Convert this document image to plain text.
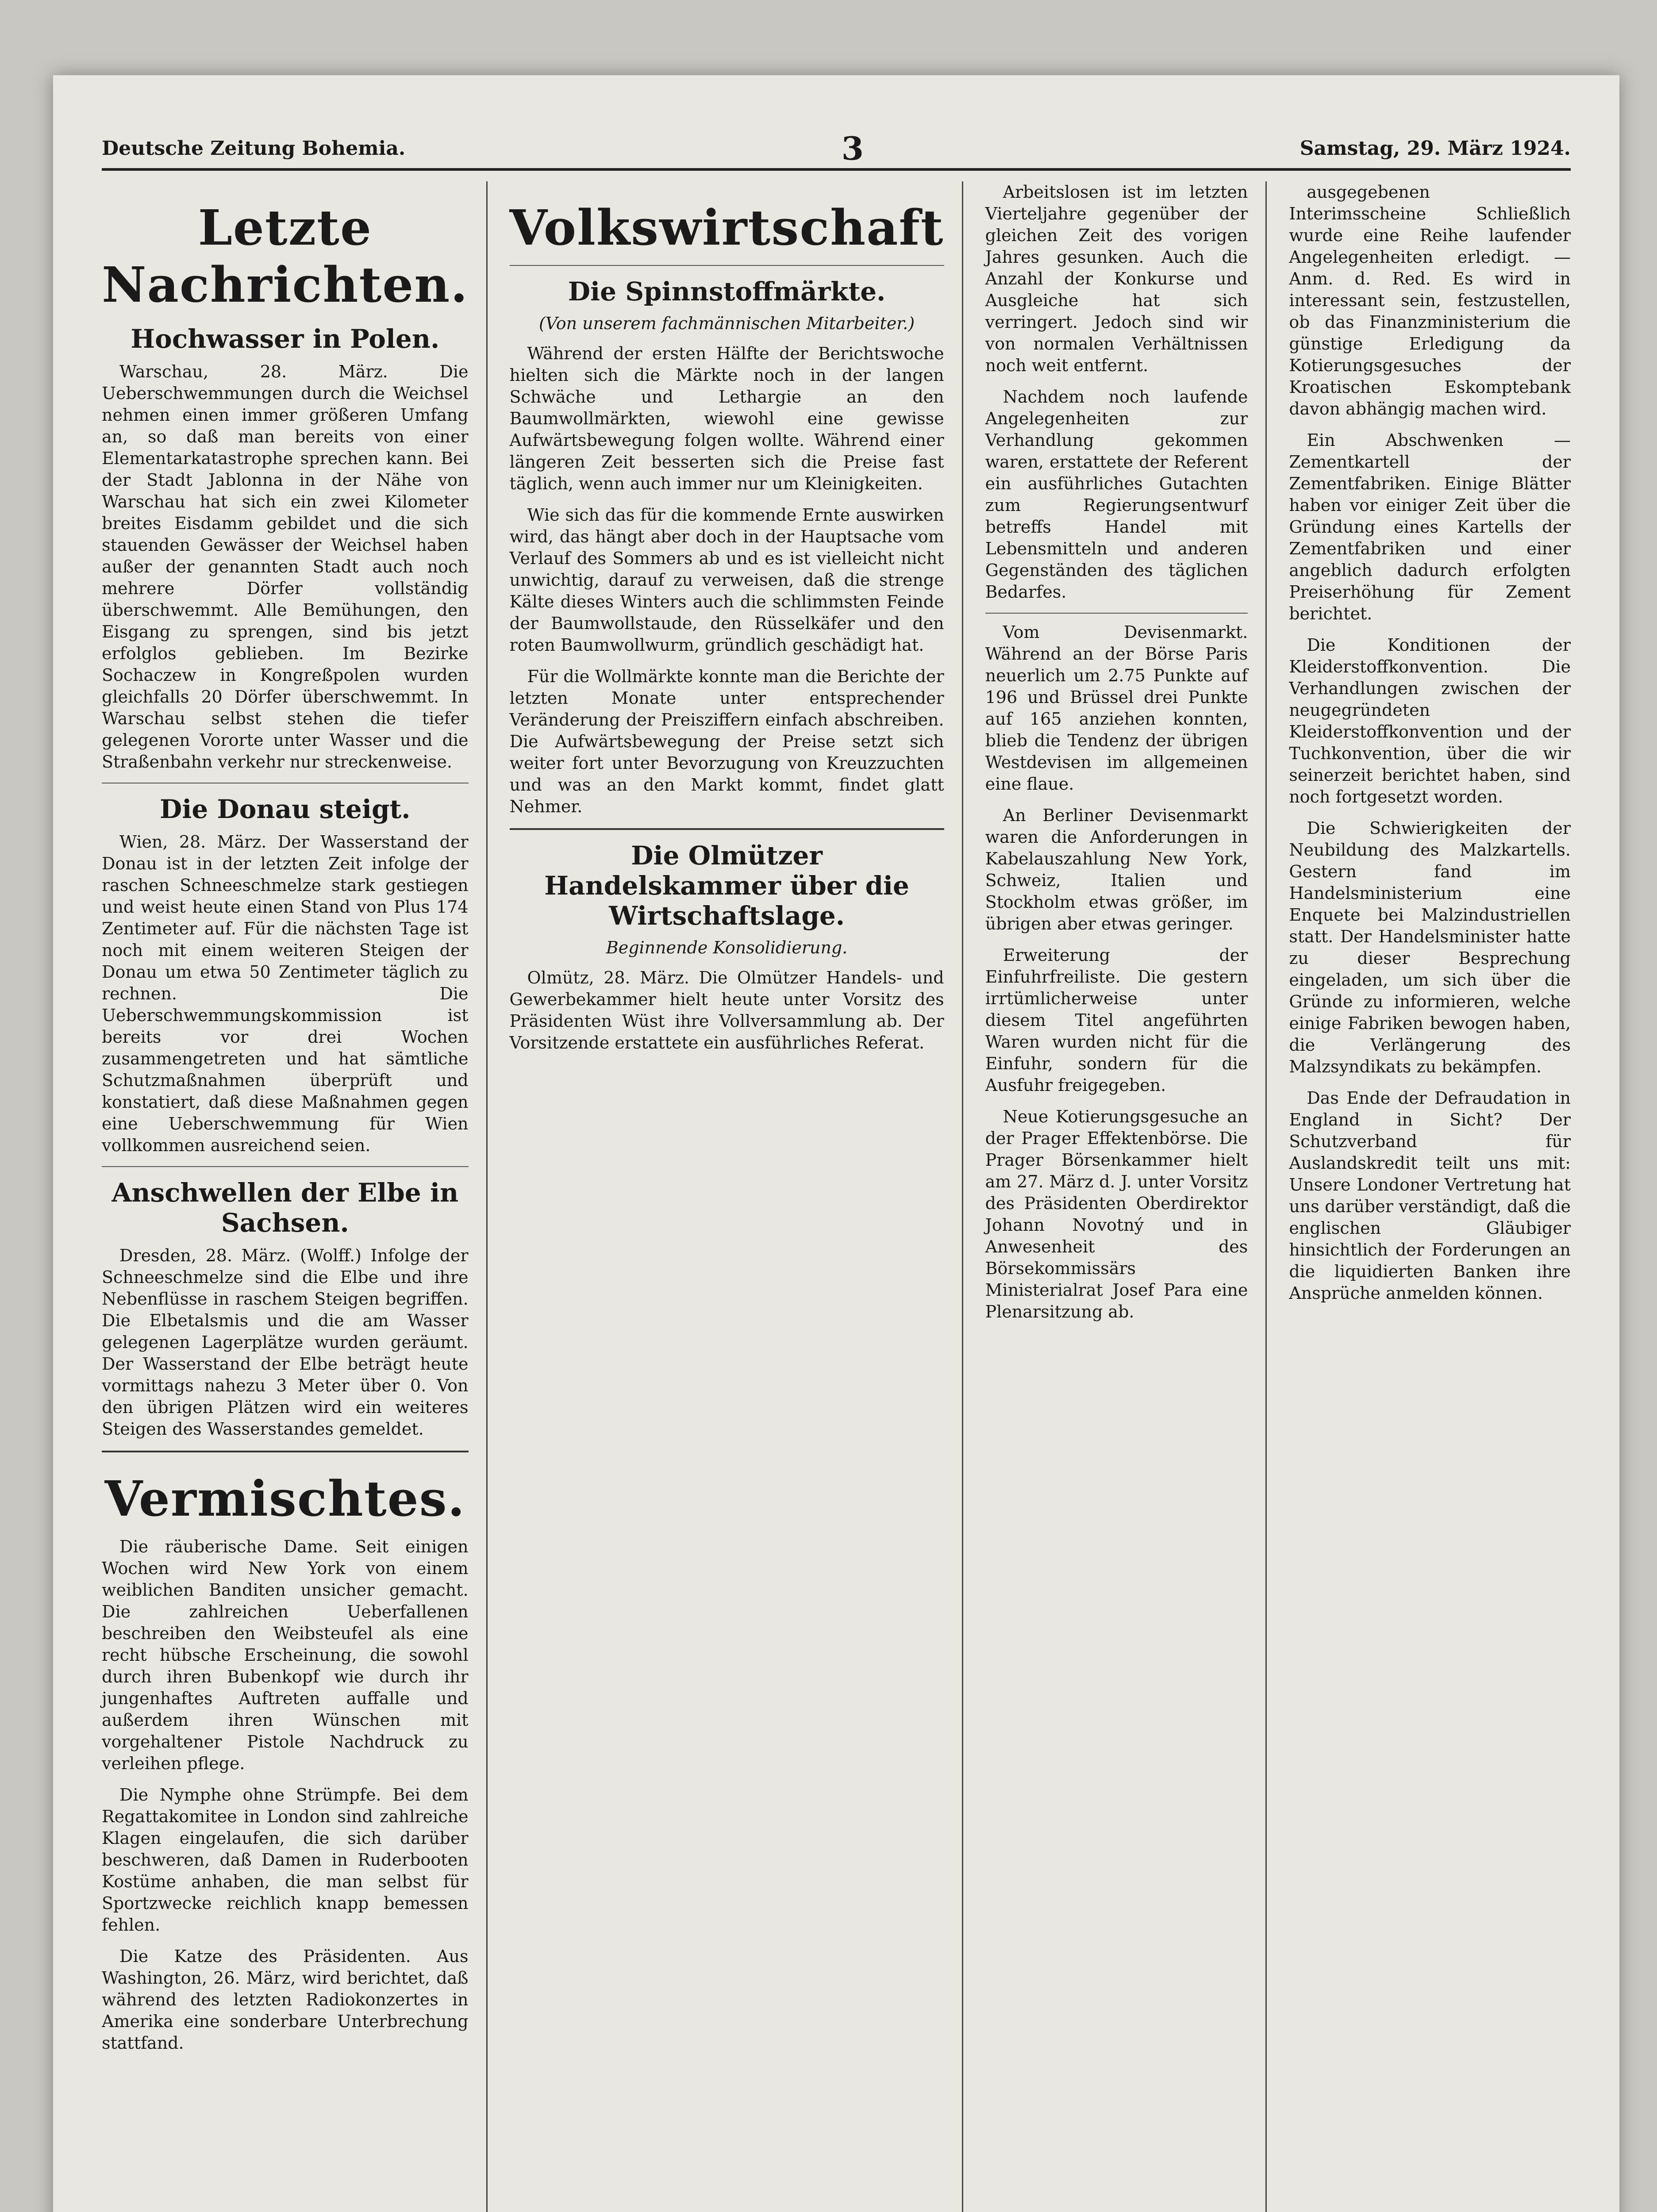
Deutsche Zeitung Bohemia.	3	Samstag, 29. März 1924.
Letzte Nachrichten.
Hochwasser in Polen.

Warschau, 28. März. Die Ueberschwemmungen durch die Weichsel nehmen einen immer größeren Umfang an, so daß man bereits von einer Elementarkatastrophe sprechen kann. Bei der Stadt Jablonna in der Nähe von Warschau hat sich ein zwei Kilometer breites Eisdamm gebildet und die sich stauenden Gewässer der Weichsel haben außer der genannten Stadt auch noch mehrere Dörfer vollständig überschwemmt. Alle Bemühungen, den Eisgang zu sprengen, sind bis jetzt erfolglos geblieben. Im Bezirke Sochaczew in Kongreßpolen wurden gleichfalls 20 Dörfer überschwemmt. In Warschau selbst stehen die tiefer gelegenen Vororte unter Wasser und die Straßenbahn verkehr nur streckenweise.

Die Donau steigt.

Wien, 28. März. Der Wasserstand der Donau ist in der letzten Zeit infolge der raschen Schneeschmelze stark gestiegen und weist heute einen Stand von Plus 174 Zentimeter auf. Für die nächsten Tage ist noch mit einem weiteren Steigen der Donau um etwa 50 Zentimeter täglich zu rechnen. Die Ueberschwemmungskommission ist bereits vor drei Wochen zusammengetreten und hat sämtliche Schutzmaßnahmen überprüft und konstatiert, daß diese Maßnahmen gegen eine Ueberschwemmung für Wien vollkommen ausreichend seien.

Anschwellen der Elbe in Sachsen.

Dresden, 28. März. (Wolff.) Infolge der Schneeschmelze sind die Elbe und ihre Nebenflüsse in raschem Steigen begriffen. Die Elbetalsmis und die am Wasser gelegenen Lagerplätze wurden geräumt. Der Wasserstand der Elbe beträgt heute vormittags nahezu 3 Meter über 0. Von den übrigen Plätzen wird ein weiteres Steigen des Wasserstandes gemeldet.

Vermischtes.

Die räuberische Dame. Seit einigen Wochen wird New York von einem weiblichen Banditen unsicher gemacht. Die zahlreichen Ueberfallenen beschreiben den Weibsteufel als eine recht hübsche Erscheinung, die sowohl durch ihren Bubenkopf wie durch ihr jungenhaftes Auftreten auffalle und außerdem ihren Wünschen mit vorgehaltener Pistole Nachdruck zu verleihen pflege.

Die Nymphe ohne Strümpfe. Bei dem Regattakomitee in London sind zahlreiche Klagen eingelaufen, die sich darüber beschweren, daß Damen in Ruderbooten Kostüme anhaben, die man selbst für Sportzwecke reichlich knapp bemessen fehlen.

Die Katze des Präsidenten. Aus Washington, 26. März, wird berichtet, daß während des letzten Radiokonzertes in Amerika eine sonderbare Unterbrechung stattfand.

Volkswirtschaft
Die Spinnstoffmärkte.
(Von unserem fachmännischen Mitarbeiter.)

Während der ersten Hälfte der Berichtswoche hielten sich die Märkte noch in der langen Schwäche und Lethargie an den Baumwollmärkten, wiewohl eine gewisse Aufwärtsbewegung folgen wollte. Während einer längeren Zeit besserten sich die Preise fast täglich, wenn auch immer nur um Kleinigkeiten.

Wie sich das für die kommende Ernte auswirken wird, das hängt aber doch in der Hauptsache vom Verlauf des Sommers ab und es ist vielleicht nicht unwichtig, darauf zu verweisen, daß die strenge Kälte dieses Winters auch die schlimmsten Feinde der Baumwollstaude, den Rüsselkäfer und den roten Baumwollwurm, gründlich geschädigt hat.

Für die Wollmärkte konnte man die Berichte der letzten Monate unter entsprechender Veränderung der Preisziffern einfach abschreiben. Die Aufwärtsbewegung der Preise setzt sich weiter fort unter Bevorzugung von Kreuzzuchten und was an den Markt kommt, findet glatt Nehmer.

Die Olmützer Handelskammer über die Wirtschaftslage.
Beginnende Konsolidierung.

Olmütz, 28. März. Die Olmützer Handels- und Gewerbekammer hielt heute unter Vorsitz des Präsidenten Wüst ihre Vollversammlung ab. Der Vorsitzende erstattete ein ausführliches Referat.

Arbeitslosen ist im letzten Vierteljahre gegenüber der gleichen Zeit des vorigen Jahres gesunken. Auch die Anzahl der Konkurse und Ausgleiche hat sich verringert. Jedoch sind wir von normalen Verhältnissen noch weit entfernt.

Nachdem noch laufende Angelegenheiten zur Verhandlung gekommen waren, erstattete der Referent ein ausführliches Gutachten zum Regierungsentwurf betreffs Handel mit Lebensmitteln und anderen Gegenständen des täglichen Bedarfes.

Vom Devisenmarkt. Während an der Börse Paris neuerlich um 2.75 Punkte auf 196 und Brüssel drei Punkte auf 165 anziehen konnten, blieb die Tendenz der übrigen Westdevisen im allgemeinen eine flaue.

An Berliner Devisenmarkt waren die Anforderungen in Kabelauszahlung New York, Schweiz, Italien und Stockholm etwas größer, im übrigen aber etwas geringer.

Erweiterung der Einfuhrfreiliste. Die gestern irrtümlicherweise unter diesem Titel angeführten Waren wurden nicht für die Einfuhr, sondern für die Ausfuhr freigegeben.

Neue Kotierungsgesuche an der Prager Effektenbörse. Die Prager Börsenkammer hielt am 27. März d. J. unter Vorsitz des Präsidenten Oberdirektor Johann Novotný und in Anwesenheit des Börsekommissärs Ministerialrat Josef Para eine Plenarsitzung ab.

ausgegebenen Interimsscheine Schließlich wurde eine Reihe laufender Angelegenheiten erledigt. — Anm. d. Red. Es wird in interessant sein, festzustellen, ob das Finanzministerium die günstige Erledigung da Kotierungsgesuches der Kroatischen Eskomptebank davon abhängig machen wird.

Ein Abschwenken — Zementkartell der Zementfabriken. Einige Blätter haben vor einiger Zeit über die Gründung eines Kartells der Zementfabriken und einer angeblich dadurch erfolgten Preiserhöhung für Zement berichtet.

Die Konditionen der Kleiderstoffkonvention. Die Verhandlungen zwischen der neugegründeten Kleiderstoffkonvention und der Tuchkonvention, über die wir seinerzeit berichtet haben, sind noch fortgesetzt worden.

Die Schwierigkeiten der Neubildung des Malzkartells. Gestern fand im Handelsministerium eine Enquete bei Malzindustriellen statt. Der Handelsminister hatte zu dieser Besprechung eingeladen, um sich über die Gründe zu informieren, welche einige Fabriken bewogen haben, die Verlängerung des Malzsyndikats zu bekämpfen.

Das Ende der Defraudation in England in Sicht? Der Schutzverband für Auslandskredit teilt uns mit: Unsere Londoner Vertretung hat uns darüber verständigt, daß die englischen Gläubiger hinsichtlich der Forderungen an die liquidierten Banken ihre Ansprüche anmelden können.
